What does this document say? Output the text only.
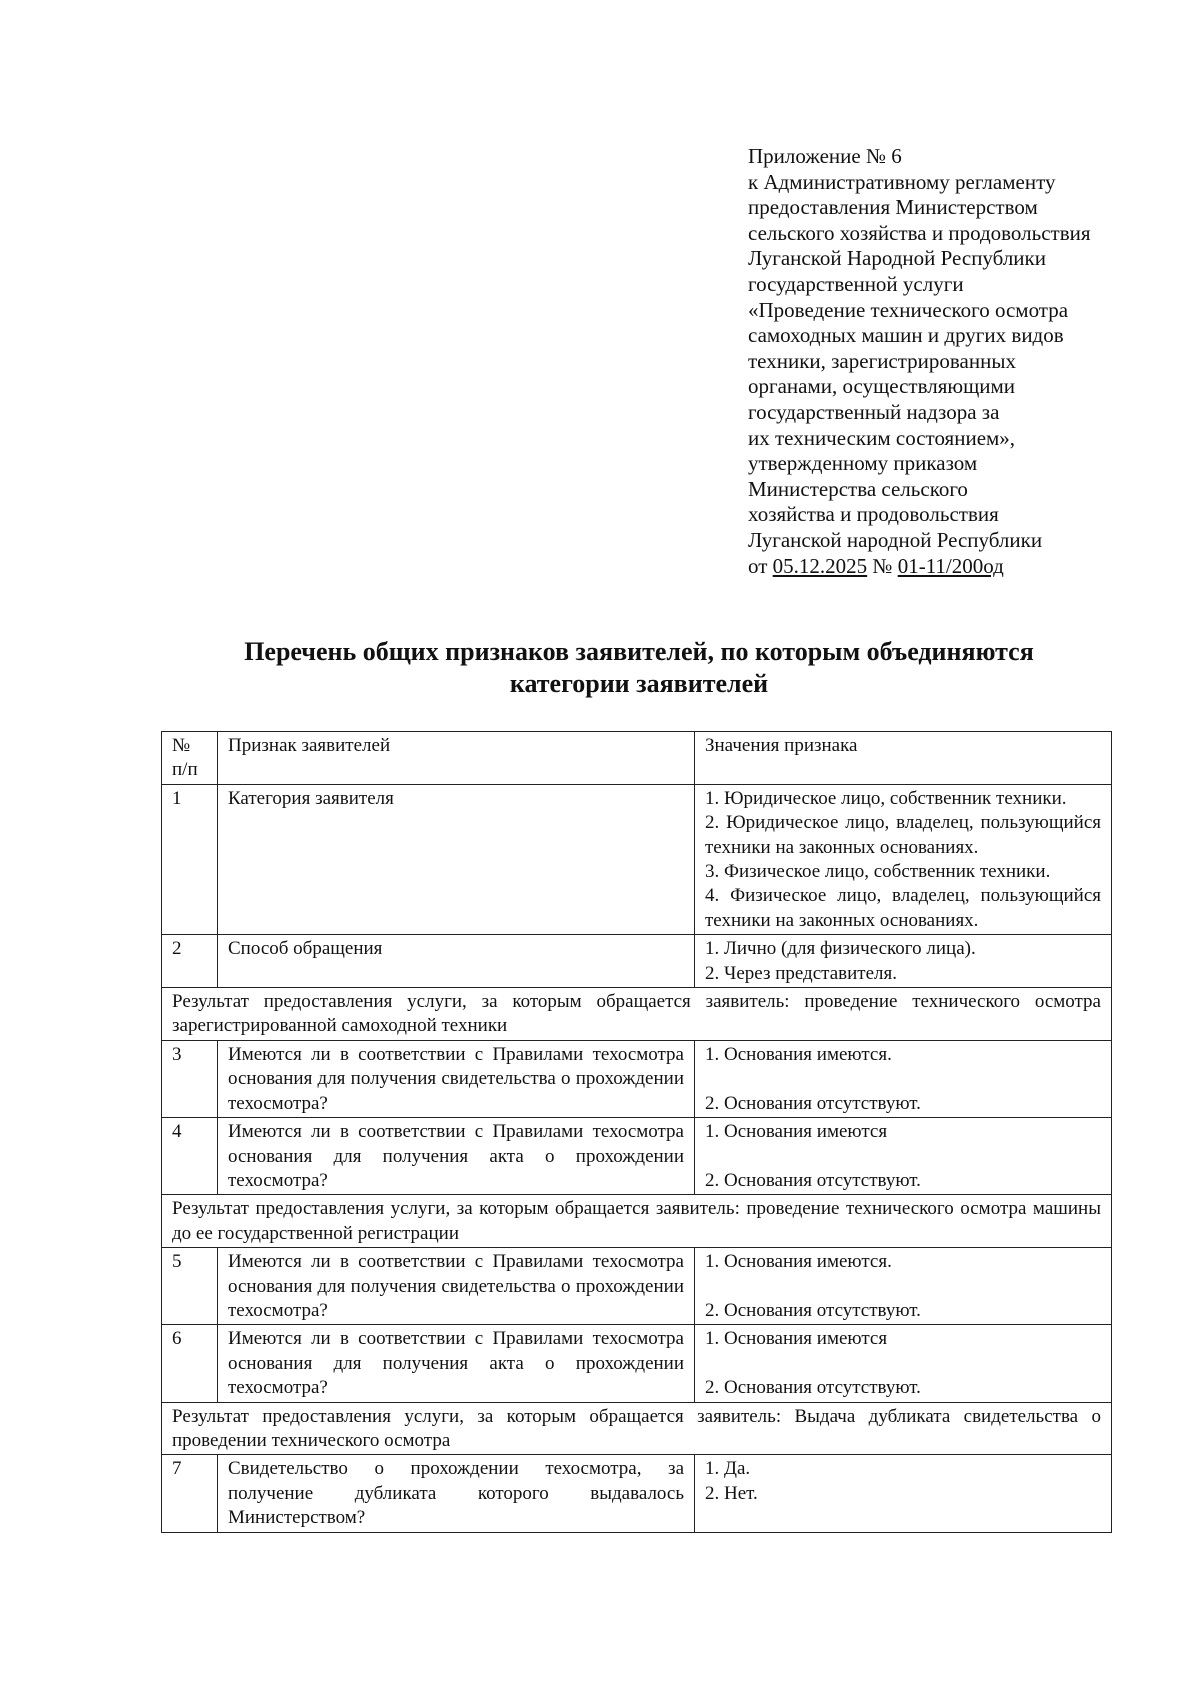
Приложение № 6
к Административному регламенту
предоставления Министерством
сельского хозяйства и продовольствия
Луганской Народной Республики
государственной услуги
«Проведение технического осмотра
самоходных машин и других видов
техники, зарегистрированных
органами, осуществляющими
государственный надзора за
их техническим состоянием»,
утвержденному приказом
Министерства сельского
хозяйства и продовольствия
Луганской народной Республики
от 05.12.2025 № 01-11/200од
Перечень общих признаков заявителей, по которым объединяются
категории заявителей
№ п/п	Признак заявителей	Значения признака
1	Категория заявителя	1. Юридическое лицо, собственник техники.
2. Юридическое лицо, владелец, пользующийся техники на законных основаниях.
3. Физическое лицо, собственник техники.
4. Физическое лицо, владелец, пользующийся техники на законных основаниях.

2	Способ обращения	1. Лично (для физического лица).
2. Через представителя.

Результат предоставления услуги, за которым обращается заявитель: проведение технического осмотра зарегистрированной самоходной техники		
3	Имеются ли в соответствии с Правилами техосмотра основания для получения свидетельства о прохождении техосмотра?	1. Основания имеются.
2. Основания отсутствуют.

4	Имеются ли в соответствии с Правилами техосмотра основания для получения акта о прохождении техосмотра?	1. Основания имеются
2. Основания отсутствуют.

Результат предоставления услуги, за которым обращается заявитель: проведение технического осмотра машины до ее государственной регистрации		
5	Имеются ли в соответствии с Правилами техосмотра основания для получения свидетельства о прохождении техосмотра?	1. Основания имеются.
2. Основания отсутствуют.

6	Имеются ли в соответствии с Правилами техосмотра основания для получения акта о прохождении техосмотра?	1. Основания имеются
2. Основания отсутствуют.

Результат предоставления услуги, за которым обращается заявитель: Выдача дубликата свидетельства о проведении технического осмотра		
7	Свидетельство о прохождении техосмотра, за получение дубликата которого выдавалось Министерством?	1. Да.
2. Нет.
